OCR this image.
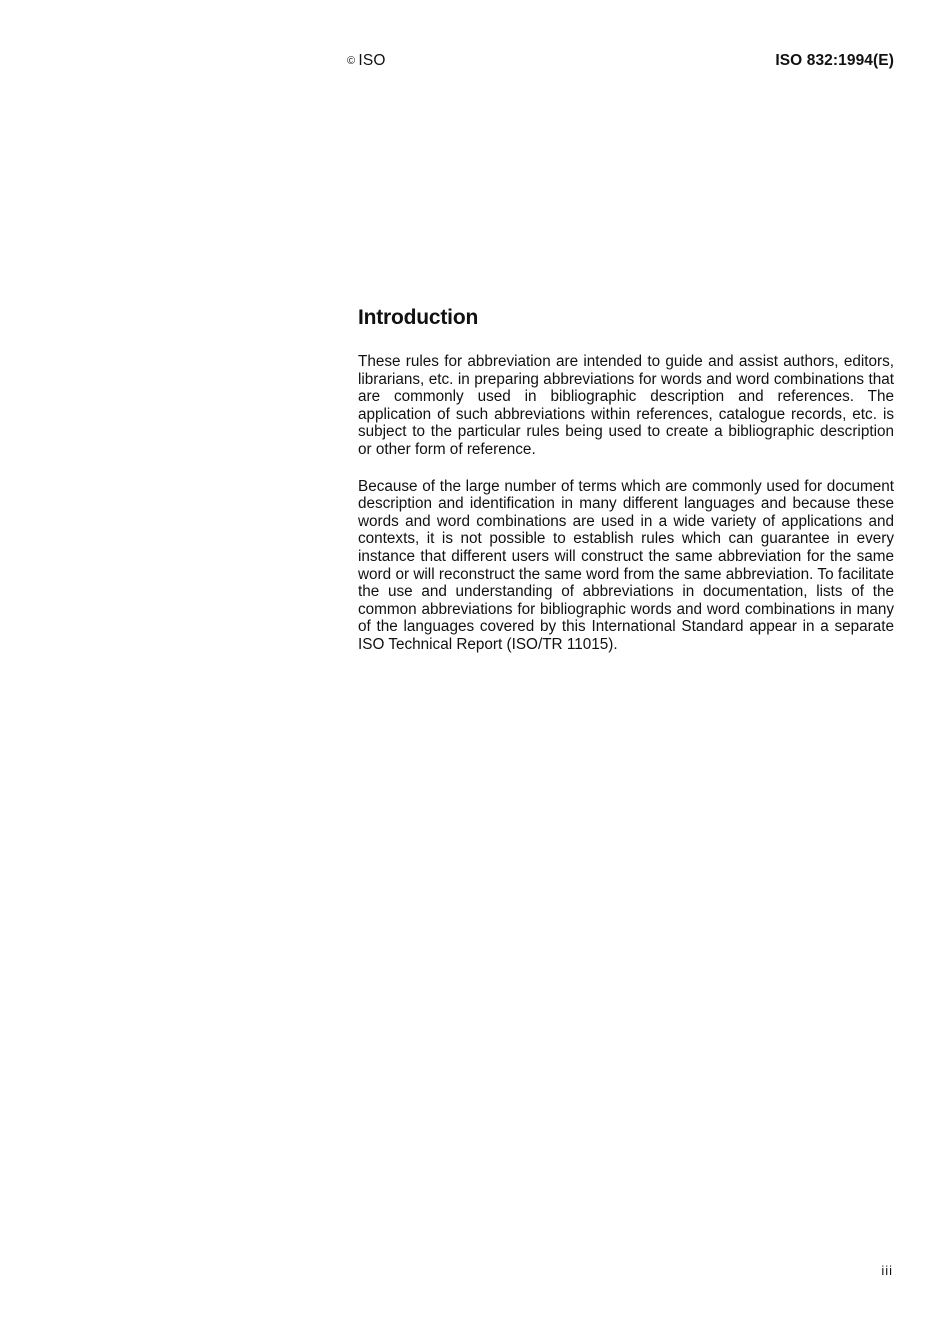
© ISO	ISO 832:1994(E)
Introduction

These rules for abbreviation are intended to guide and assist authors, editors, librarians, etc. in preparing abbreviations for words and word combinations that are commonly used in bibliographic description and references. The application of such abbreviations within references, catalogue records, etc. is subject to the particular rules being used to create a bibliographic description or other form of reference.

Because of the large number of terms which are commonly used for document description and identification in many different languages and because these words and word combinations are used in a wide variety of applications and contexts, it is not possible to establish rules which can guarantee in every instance that different users will construct the same abbreviation for the same word or will reconstruct the same word from the same abbreviation. To facilitate the use and understanding of abbreviations in documentation, lists of the common abbreviations for bibliographic words and word combinations in many of the languages covered by this International Standard appear in a separate ISO Technical Report (ISO/TR 11015).

iii
